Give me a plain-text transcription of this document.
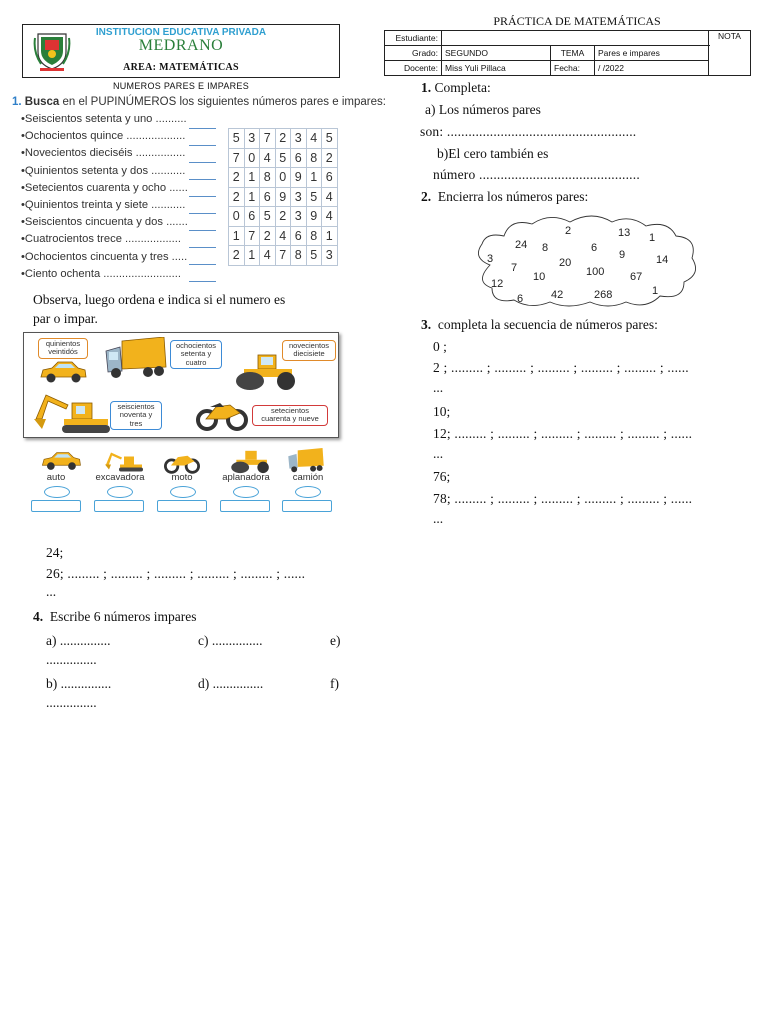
INSTITUCION EDUCATIVA PRIVADA
MEDRANO
AREA: MATEMÁTICAS
PRÁCTICA DE MATEMÁTICAS
Estudiante:				NOTA
Grado:	SEGUNDO	TEMA	Pares e impares	
Docente:	Miss Yuli Pillaca	Fecha:	/ /2022	
NUMEROS PARES E IMPARES
1. Busca en el PUPINÚMEROS los siguientes números pares e impares:
•Seiscientos setenta y uno ..........
•Ochocientos quince ...................
•Novecientos dieciséis ................
•Quinientos setenta y dos ...........
•Setecientos cuarenta y ocho ......
•Quinientos treinta y siete ...........
•Seiscientos cincuenta y dos .......
•Cuatrocientos trece ..................
•Ochocientos cincuenta y tres .....
•Ciento ochenta .........................
5	3	7	2	3	4	5
7	0	4	5	6	8	2
2	1	8	0	9	1	6
2	1	6	9	3	5	4
0	6	5	2	3	9	4
1	7	2	4	6	8	1
2	1	4	7	8	5	3
Observa, luego ordena e indica si el numero es
par o impar.
quinientos veintidós
ochocientos setenta y cuatro
novecientos diecisiete
seiscientos noventa y tres
setecientos cuarenta y nueve
auto	excavadora	moto	aplanadora	camión
24;
26; ......... ; ......... ; ......... ; ......... ; ......... ; ......
...
4. Escribe 6 números impares
a) ...............	c) ...............	e)
...............
b) ...............	d) ...............	f)
...............
1. Completa:
a) Los números pares
son: .....................................................
b)El cero también es
número .............................................
2. Encierra los números pares:
24 8
2	13 1
6
3	9	14
7	20
10	100 67
12
42	268	1
6
3. completa la secuencia de números pares:
0 ;
2 ; ......... ; ......... ; ......... ; ......... ; ......... ; ......
...
10;
12; ......... ; ......... ; ......... ; ......... ; ......... ; ......
...
76;
78; ......... ; ......... ; ......... ; ......... ; ......... ; ......
...
